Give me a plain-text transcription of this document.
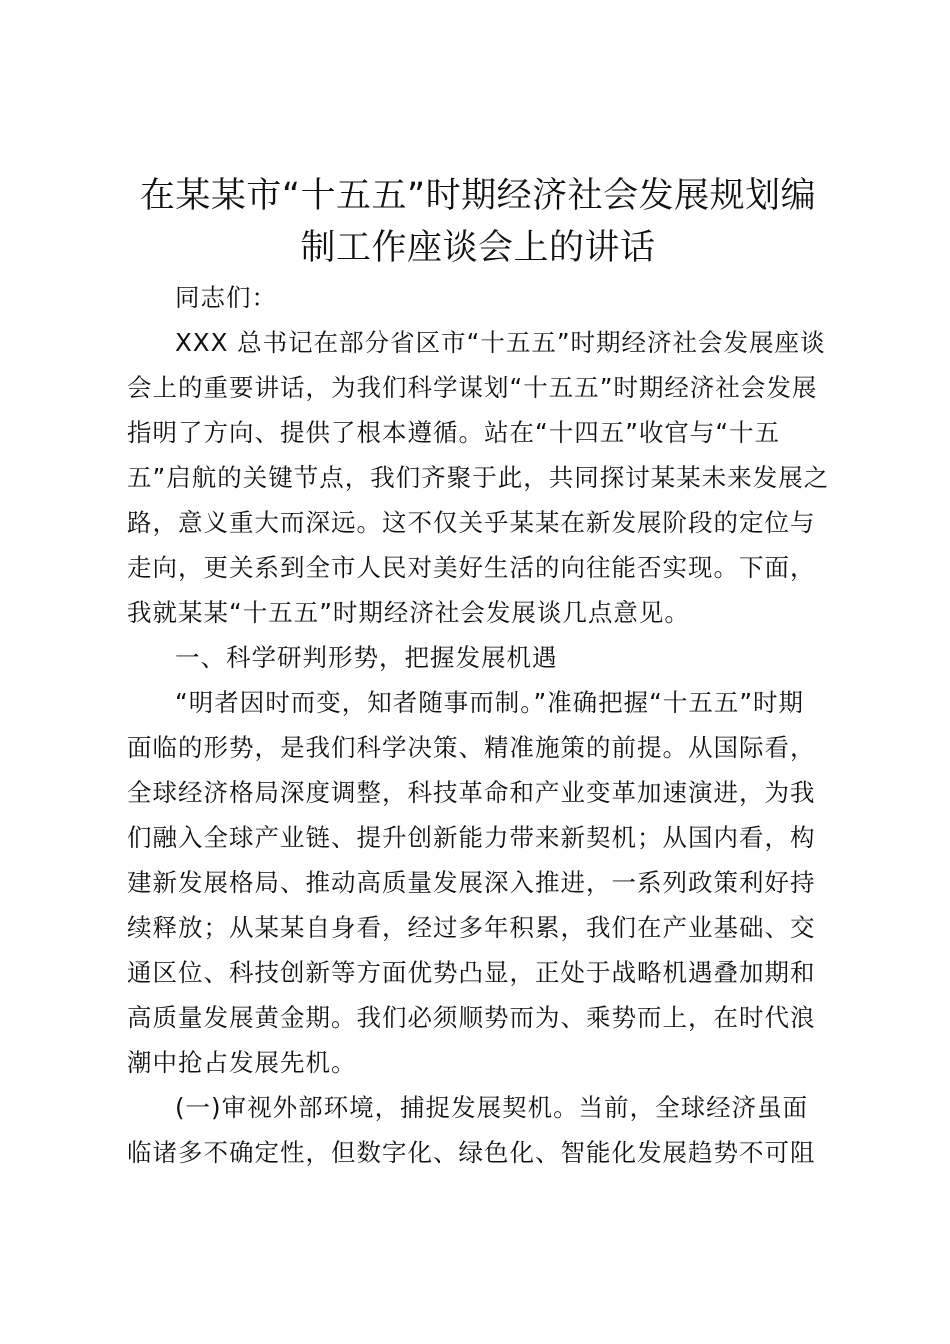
在某某市“十五五”时期经济社会发展规划编
制工作座谈会上的讲话
同志们：
XXX 总书记在部分省区市“十五五”时期经济社会发展座谈
会上的重要讲话，为我们科学谋划“十五五”时期经济社会发展
指明了方向、提供了根本遵循。站在“十四五”收官与“十五
五”启航的关键节点，我们齐聚于此，共同探讨某某未来发展之
路，意义重大而深远。这不仅关乎某某在新发展阶段的定位与
走向，更关系到全市人民对美好生活的向往能否实现。下面，
我就某某“十五五”时期经济社会发展谈几点意见。
一、科学研判形势，把握发展机遇
“明者因时而变，知者随事而制。”准确把握“十五五”时期
面临的形势，是我们科学决策、精准施策的前提。从国际看，
全球经济格局深度调整，科技革命和产业变革加速演进，为我
们融入全球产业链、提升创新能力带来新契机；从国内看，构
建新发展格局、推动高质量发展深入推进，一系列政策利好持
续释放；从某某自身看，经过多年积累，我们在产业基础、交
通区位、科技创新等方面优势凸显，正处于战略机遇叠加期和
高质量发展黄金期。我们必须顺势而为、乘势而上，在时代浪
潮中抢占发展先机。
(一)审视外部环境，捕捉发展契机。当前，全球经济虽面
临诸多不确定性，但数字化、绿色化、智能化发展趋势不可阻
